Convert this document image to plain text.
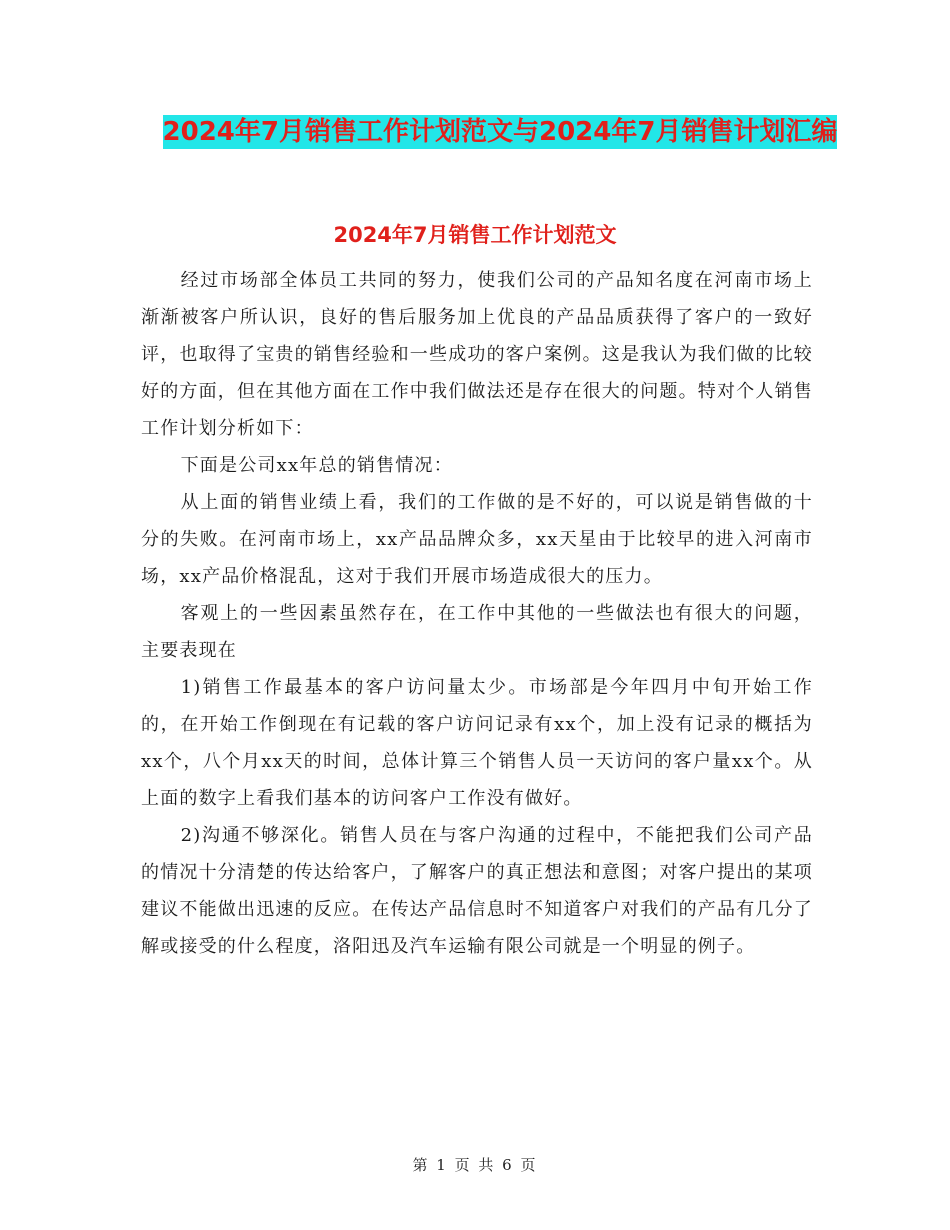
2024年7月销售工作计划范文与2024年7月销售计划汇编
2024年7月销售工作计划范文

经过市场部全体员工共同的努力，使我们公司的产品知名度在河南市场上渐渐被客户所认识，良好的售后服务加上优良的产品品质获得了客户的一致好评，也取得了宝贵的销售经验和一些成功的客户案例。这是我认为我们做的比较好的方面，但在其他方面在工作中我们做法还是存在很大的问题。特对个人销售工作计划分析如下：

下面是公司xx年总的销售情况：

从上面的销售业绩上看，我们的工作做的是不好的，可以说是销售做的十分的失败。在河南市场上，xx产品品牌众多，xx天星由于比较早的进入河南市场，xx产品价格混乱，这对于我们开展市场造成很大的压力。

客观上的一些因素虽然存在，在工作中其他的一些做法也有很大的问题，主要表现在

1)销售工作最基本的客户访问量太少。市场部是今年四月中旬开始工作的，在开始工作倒现在有记载的客户访问记录有xx个，加上没有记录的概括为xx个，八个月xx天的时间，总体计算三个销售人员一天访问的客户量xx个。从上面的数字上看我们基本的访问客户工作没有做好。

2)沟通不够深化。销售人员在与客户沟通的过程中，不能把我们公司产品的情况十分清楚的传达给客户，了解客户的真正想法和意图；对客户提出的某项建议不能做出迅速的反应。在传达产品信息时不知道客户对我们的产品有几分了解或接受的什么程度，洛阳迅及汽车运输有限公司就是一个明显的例子。

第 1 页 共 6 页
